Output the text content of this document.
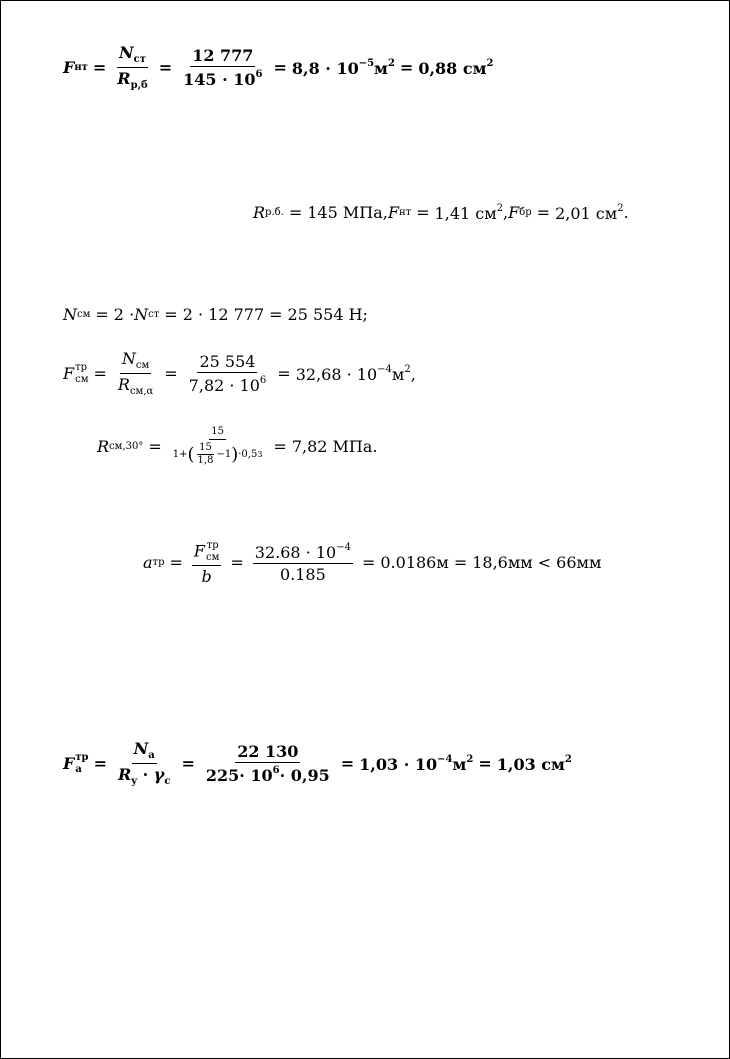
F нт = $\frac{N_{ст}}{R_{р,б}} = \frac{12 777}{145 \cdot 10^6} = 8,8 \cdot 10^{-5}м^2 = 0,88$ $см^2$
R р.б. = 145 МПа, F нт = 1,41 $см^2$ , F бр = 2,01 $см^2$ .
N см = 2 · N ст = 2 · 12 777 = 25 554 Н;
F тр
см = $\frac{N_{см}}{R_{см,\alpha}} = \frac{25 554}{7,82 \cdot 10^6} = 32,68 \cdot 10^{-4}м^2$,
R $см,30^\circ = \frac{15}{1+ ( \frac{15}{1,8} -1 ) \cdot 0,5 3} = 7,82$ МПа.
a тр = F тр
см
$b = \frac{32.68 \cdot 10^{-4}}{0.185} = 0.0186м = 18,6мм < 66мм$
F тр
$а = \frac{N_a}{R_y \cdot \gamma_c} = \frac{22 130}{225\cdot 10^6\cdot 0,95} = 1,03 \cdot 10^{-4}м^2 = 1,03$ $см^2$
